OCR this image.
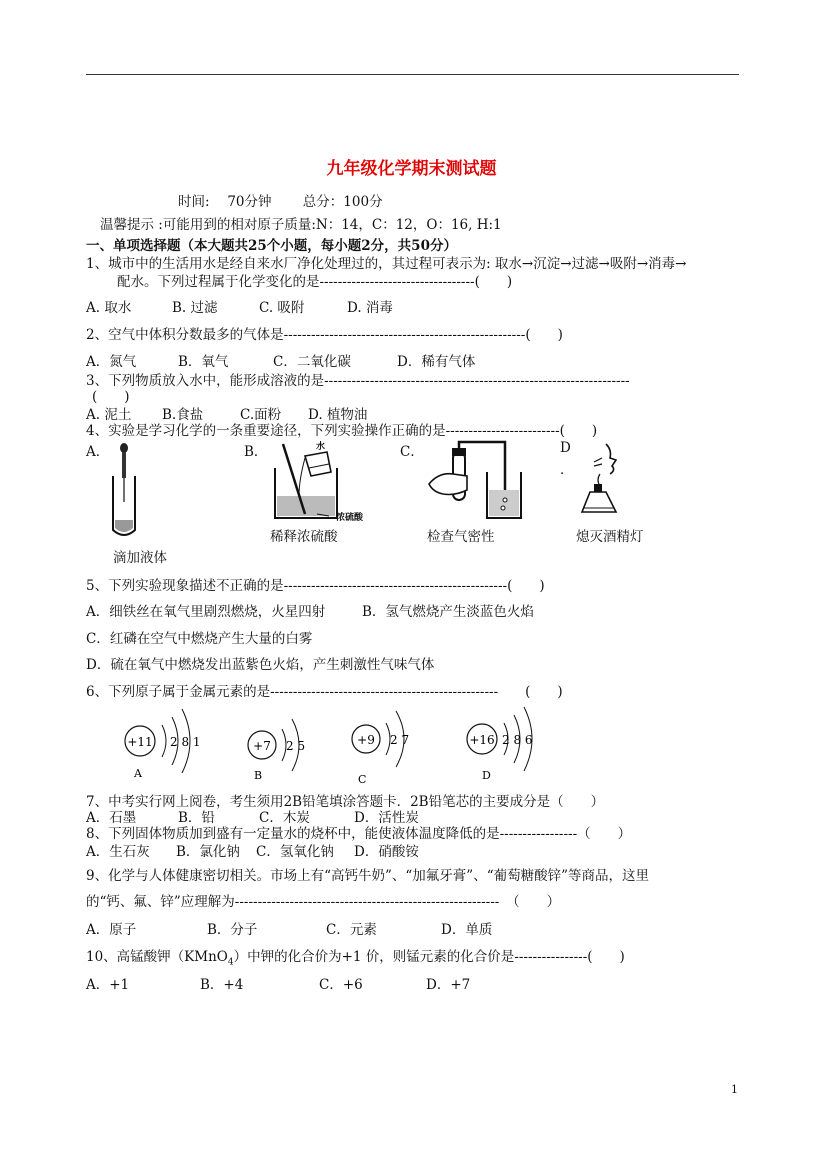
九年级化学期末测试题
时间:　 70分钟　　 总分：100分
温馨提示 :可能用到的相对原子质量:N：14，C：12，O：16, H:1
一、单项选择题（本大题共25个小题，每小题2分，共50分）
1、城市中的生活用水是经自来水厂净化处理过的，其过程可表示为: 取水→沉淀→过滤→吸附→消毒→
配水。下列过程属于化学变化的是----------------------------------(　　)
A. 取水	B. 过滤	C. 吸附	D. 消毒
2、空气中体积分数最多的气体是-----------------------------------------------------(　　)
A．氮气	B．氧气	C．二氧化碳	D．稀有气体
3、下列物质放入水中，能形成溶液的是-------------------------------------------------------------------
(　　)
A. 泥土 B.食盐	C.面粉 D. 植物油
4、实验是学习化学的一条重要途径，下列实验操作正确的是-------------------------(　　)
A．	B．	C．	D
．
滴加液体
水
浓硫酸
稀释浓硫酸	检查气密性	熄灭酒精灯
5、下列实验现象描述不正确的是-------------------------------------------------(　　)
A．细铁丝在氧气里剧烈燃烧，火星四射	B．氢气燃烧产生淡蓝色火焰
C．红磷在空气中燃烧产生大量的白雾
D．硫在氧气中燃烧发出蓝紫色火焰，产生刺激性气味气体
6、下列原子属于金属元素的是--------------------------------------------------　　(　　)
+11 2 8 1
A
+7 2 5
B
+9 2 7
C
+16 2 8 6
D
7、中考实行网上阅卷，考生须用2B铅笔填涂答题卡．2B铅笔芯的主要成分是（　　）
A．石墨	B．铅	C．木炭	D．活性炭
8、下列固体物质加到盛有一定量水的烧杯中，能使液体温度降低的是-----------------（　　）
A．生石灰 B．氯化钠 C．氢氧化钠 D．硝酸铵
9、化学与人体健康密切相关。市场上有“高钙牛奶”、“加氟牙膏”、“葡萄糖酸锌”等商品，这里
的“钙、氟、锌”应理解为----------------------------------------------------------　（　　）
A．原子	B．分子	C．元素	D．单质
10、高锰酸钾（KMnO$_4$）中钾的化合价为+1 价，则锰元素的化合价是----------------(　　)
A．+1	B．+4	C．+6	D．+7
1
